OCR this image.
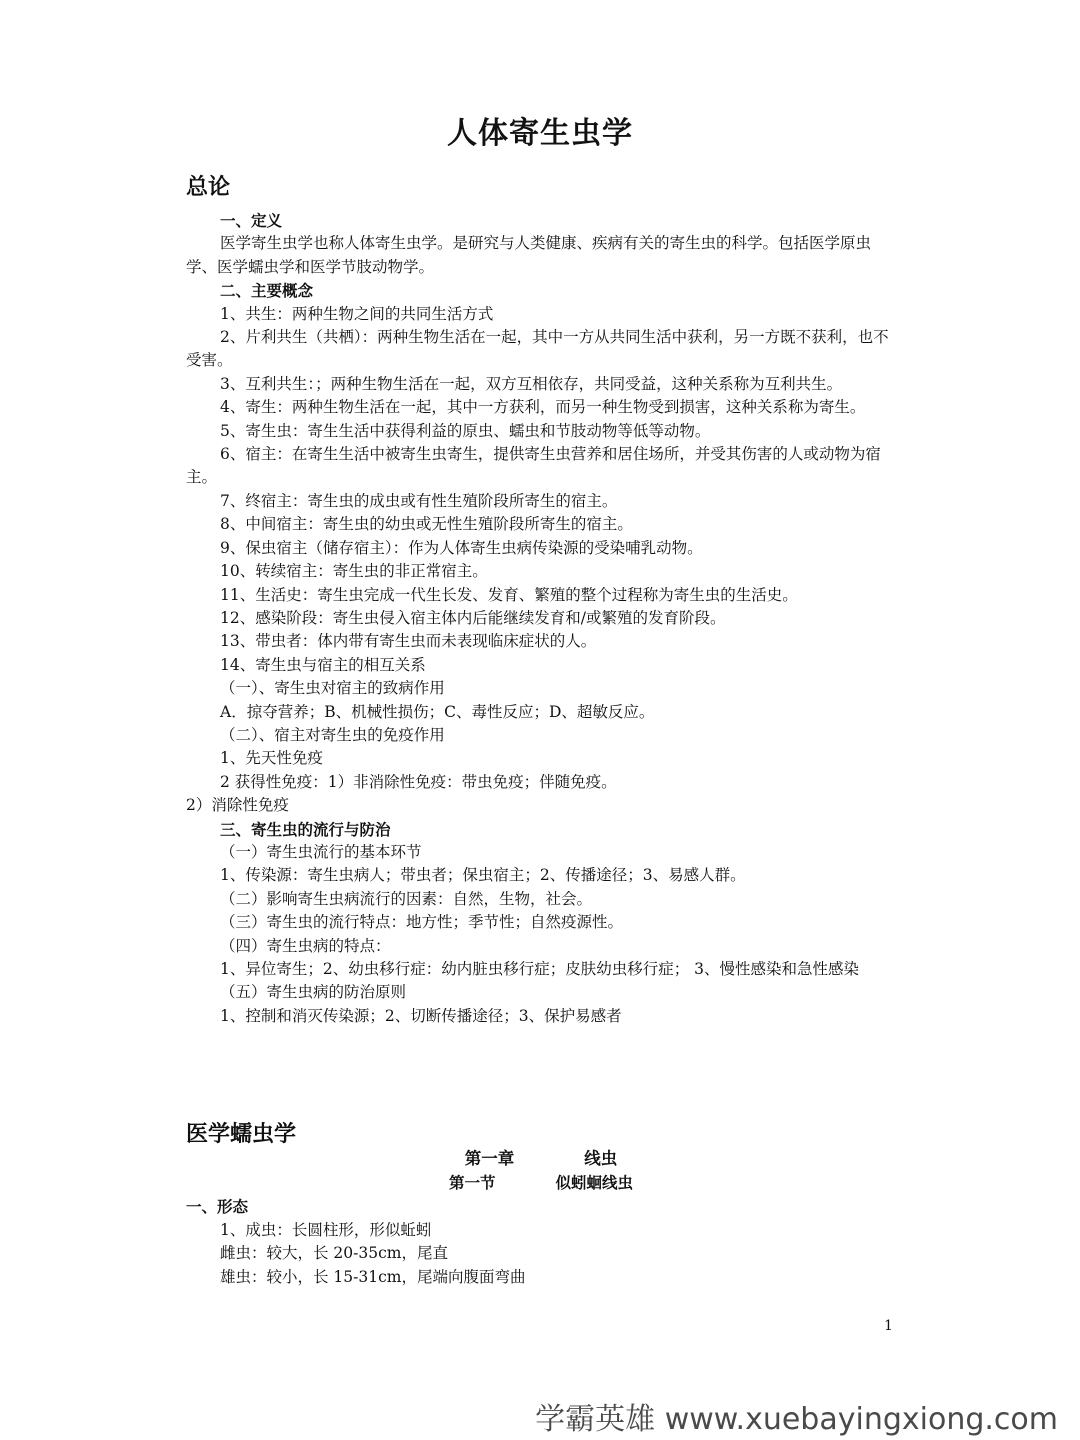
人体寄生虫学
总论

一、定义

医学寄生虫学也称人体寄生虫学。是研究与人类健康、疾病有关的寄生虫的科学。包括医学原虫学、医学蠕虫学和医学节肢动物学。

二、主要概念

1、共生：两种生物之间的共同生活方式

2、片利共生（共栖）：两种生物生活在一起，其中一方从共同生活中获利，另一方既不获利，也不受害。

3、互利共生：；两种生物生活在一起，双方互相依存，共同受益，这种关系称为互利共生。

4、寄生：两种生物生活在一起，其中一方获利，而另一种生物受到损害，这种关系称为寄生。

5、寄生虫：寄生生活中获得利益的原虫、蠕虫和节肢动物等低等动物。

6、宿主：在寄生生活中被寄生虫寄生，提供寄生虫营养和居住场所，并受其伤害的人或动物为宿主。

7、终宿主：寄生虫的成虫或有性生殖阶段所寄生的宿主。

8、中间宿主：寄生虫的幼虫或无性生殖阶段所寄生的宿主。

9、保虫宿主（储存宿主）：作为人体寄生虫病传染源的受染哺乳动物。

10、转续宿主：寄生虫的非正常宿主。

11、生活史：寄生虫完成一代生长发、发育、繁殖的整个过程称为寄生虫的生活史。

12、感染阶段：寄生虫侵入宿主体内后能继续发育和/或繁殖的发育阶段。

13、带虫者：体内带有寄生虫而未表现临床症状的人。

14、寄生虫与宿主的相互关系

（一）、寄生虫对宿主的致病作用

A．掠夺营养；B、机械性损伤；C、毒性反应；D、超敏反应。

（二）、宿主对寄生虫的免疫作用

1、先天性免疫

2 获得性免疫：1）非消除性免疫：带虫免疫；伴随免疫。

2）消除性免疫

三、寄生虫的流行与防治

（一）寄生虫流行的基本环节

1、传染源：寄生虫病人；带虫者；保虫宿主；2、传播途径；3、易感人群。

（二）影响寄生虫病流行的因素：自然，生物，社会。

（三）寄生虫的流行特点：地方性；季节性；自然疫源性。

（四）寄生虫病的特点：

1、异位寄生；2、幼虫移行症：幼内脏虫移行症；皮肤幼虫移行症； 3、慢性感染和急性感染

（五）寄生虫病的防治原则

1、控制和消灭传染源；2、切断传播途径；3、保护易感者

医学蠕虫学
第一章	线虫
第一节	似蚓蛔线虫

一、形态

1、成虫：长圆柱形，形似蚯蚓

雌虫：较大，长 20-35cm，尾直

雄虫：较小，长 15-31cm，尾端向腹面弯曲

1
学霸英雄 www.xuebayingxiong.com
